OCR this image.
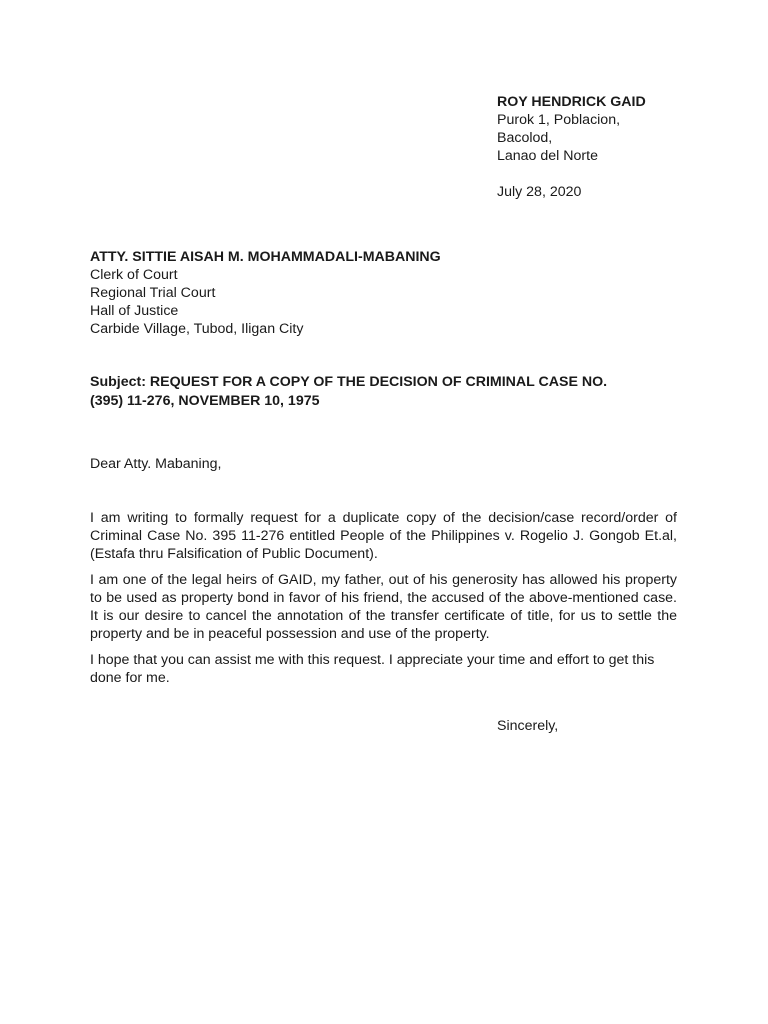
ROY HENDRICK GAID
Purok 1, Poblacion,
Bacolod,
Lanao del Norte
July 28, 2020
ATTY. SITTIE AISAH M. MOHAMMADALI-MABANING
Clerk of Court
Regional Trial Court
Hall of Justice
Carbide Village, Tubod, Iligan City
Subject: REQUEST FOR A COPY OF THE DECISION OF CRIMINAL CASE NO.
(395) 11-276, NOVEMBER 10, 1975
Dear Atty. Mabaning,

I am writing to formally request for a duplicate copy of the decision/case record/order of Criminal Case No. 395 11-276 entitled People of the Philippines v. Rogelio J. Gongob Et.al, (Estafa thru Falsification of Public Document).

I am one of the legal heirs of GAID, my father, out of his generosity has allowed his property to be used as property bond in favor of his friend, the accused of the above-mentioned case. It is our desire to cancel the annotation of the transfer certificate of title, for us to settle the property and be in peaceful possession and use of the property.

I hope that you can assist me with this request. I appreciate your time and effort to get this done for me.

Sincerely,
